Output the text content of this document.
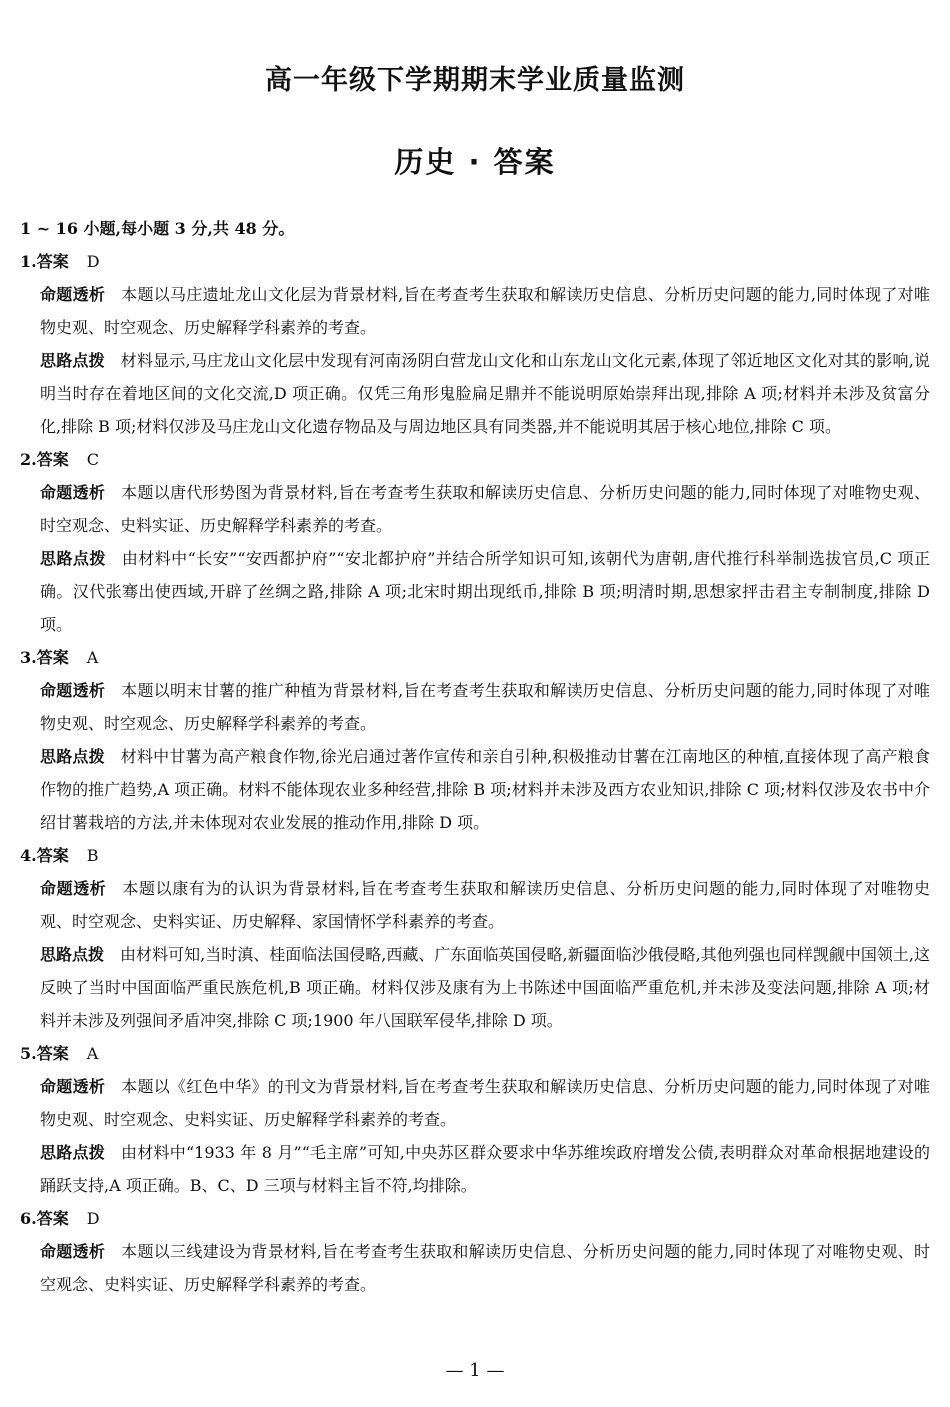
高一年级下学期期末学业质量监测
历史 · 答案
1 ~ 16 小题,每小题 3 分,共 48 分。
1.答案 D
命题透析 本题以马庄遗址龙山文化层为背景材料,旨在考查考生获取和解读历史信息、分析历史问题的能力,同时体现了对唯物史观、时空观念、历史解释学科素养的考查。
思路点拨 材料显示,马庄龙山文化层中发现有河南汤阴白营龙山文化和山东龙山文化元素,体现了邻近地区文化对其的影响,说明当时存在着地区间的文化交流,D 项正确。仅凭三角形鬼脸扁足鼎并不能说明原始崇拜出现,排除 A 项;材料并未涉及贫富分化,排除 B 项;材料仅涉及马庄龙山文化遗存物品及与周边地区具有同类器,并不能说明其居于核心地位,排除 C 项。
2.答案 C
命题透析 本题以唐代形势图为背景材料,旨在考查考生获取和解读历史信息、分析历史问题的能力,同时体现了对唯物史观、时空观念、史料实证、历史解释学科素养的考查。
思路点拨 由材料中“长安”“安西都护府”“安北都护府”并结合所学知识可知,该朝代为唐朝,唐代推行科举制选拔官员,C 项正确。汉代张骞出使西域,开辟了丝绸之路,排除 A 项;北宋时期出现纸币,排除 B 项;明清时期,思想家抨击君主专制制度,排除 D 项。
3.答案 A
命题透析 本题以明末甘薯的推广种植为背景材料,旨在考查考生获取和解读历史信息、分析历史问题的能力,同时体现了对唯物史观、时空观念、历史解释学科素养的考查。
思路点拨 材料中甘薯为高产粮食作物,徐光启通过著作宣传和亲自引种,积极推动甘薯在江南地区的种植,直接体现了高产粮食作物的推广趋势,A 项正确。材料不能体现农业多种经营,排除 B 项;材料并未涉及西方农业知识,排除 C 项;材料仅涉及农书中介绍甘薯栽培的方法,并未体现对农业发展的推动作用,排除 D 项。
4.答案 B
命题透析 本题以康有为的认识为背景材料,旨在考查考生获取和解读历史信息、分析历史问题的能力,同时体现了对唯物史观、时空观念、史料实证、历史解释、家国情怀学科素养的考查。
思路点拨 由材料可知,当时滇、桂面临法国侵略,西藏、广东面临英国侵略,新疆面临沙俄侵略,其他列强也同样觊觎中国领土,这反映了当时中国面临严重民族危机,B 项正确。材料仅涉及康有为上书陈述中国面临严重危机,并未涉及变法问题,排除 A 项;材料并未涉及列强间矛盾冲突,排除 C 项;1900 年八国联军侵华,排除 D 项。
5.答案 A
命题透析 本题以《红色中华》的刊文为背景材料,旨在考查考生获取和解读历史信息、分析历史问题的能力,同时体现了对唯物史观、时空观念、史料实证、历史解释学科素养的考查。
思路点拨 由材料中“1933 年 8 月”“毛主席”可知,中央苏区群众要求中华苏维埃政府增发公债,表明群众对革命根据地建设的踊跃支持,A 项正确。B、C、D 三项与材料主旨不符,均排除。
6.答案 D
命题透析 本题以三线建设为背景材料,旨在考查考生获取和解读历史信息、分析历史问题的能力,同时体现了对唯物史观、时空观念、史料实证、历史解释学科素养的考查。
— 1 —
